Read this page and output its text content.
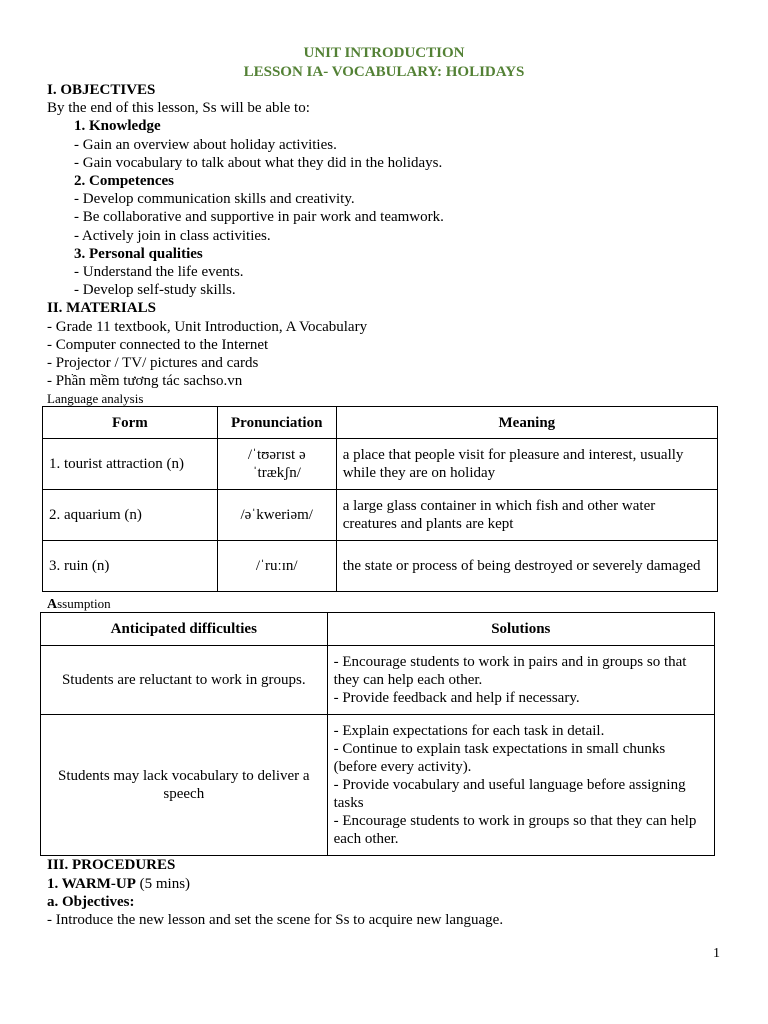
UNIT INTRODUCTION
LESSON IA- VOCABULARY: HOLIDAYS
I. OBJECTIVES
By the end of this lesson, Ss will be able to:
1. Knowledge
- Gain an overview about holiday activities.
- Gain vocabulary to talk about what they did in the holidays.
2. Competences
- Develop communication skills and creativity.
- Be collaborative and supportive in pair work and teamwork.
- Actively join in class activities.
3. Personal qualities
- Understand the life events.
- Develop self-study skills.
II. MATERIALS
- Grade 11 textbook, Unit Introduction, A Vocabulary
- Computer connected to the Internet
- Projector / TV/ pictures and cards
- Phần mềm tương tác sachso.vn
Language analysis
Form	Pronunciation	Meaning
1. tourist attraction (n)	/ˈtʊərɪst ə ˈtrækʃn/	a place that people visit for pleasure and interest, usually while they are on holiday
2. aquarium (n)	/əˈkweriəm/	a large glass container in which fish and other water creatures and plants are kept
3. ruin (n)	/ˈruːɪn/	the state or process of being destroyed or severely damaged
Assumption
Anticipated difficulties	Solutions
Students are reluctant to work in groups.	- Encourage students to work in pairs and in groups so that they can help each other.
- Provide feedback and help if necessary.

Students may lack vocabulary to deliver a speech	- Explain expectations for each task in detail.
- Continue to explain task expectations in small chunks (before every activity).
- Provide vocabulary and useful language before assigning tasks
- Encourage students to work in groups so that they can help each other.
III. PROCEDURES
1. WARM-UP (5 mins)
a. Objectives:
- Introduce the new lesson and set the scene for Ss to acquire new language.
1
